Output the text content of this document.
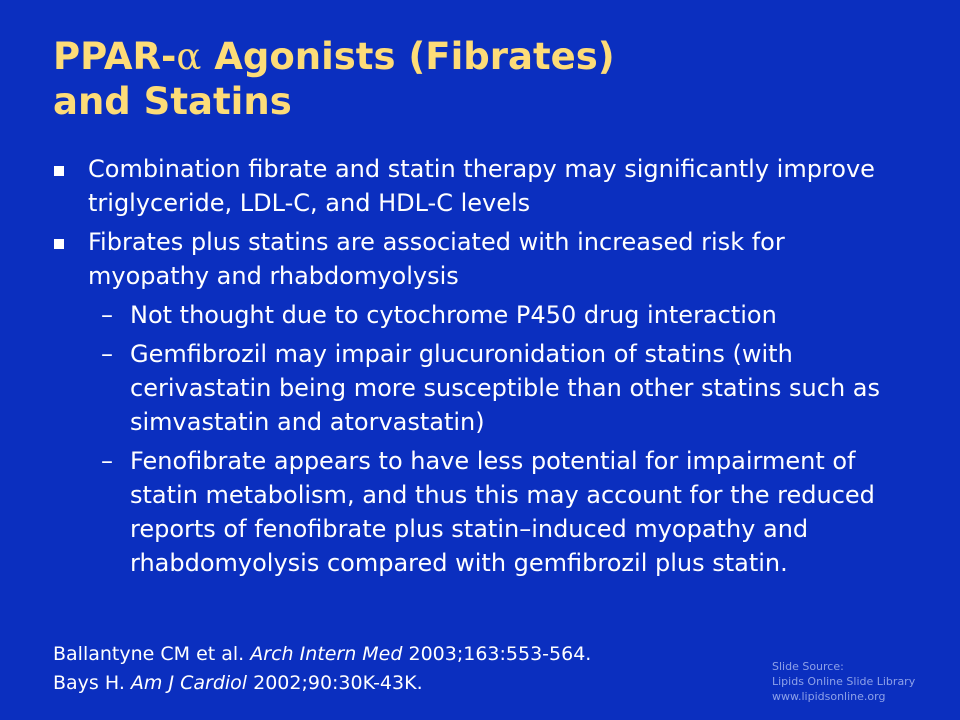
PPAR-α Agonists (Fibrates)
and Statins
Combination fibrate and statin therapy may significantly improve triglyceride, LDL-C, and HDL-C levels
Fibrates plus statins are associated with increased risk for myopathy and rhabdomyolysis
– Not thought due to cytochrome P450 drug interaction
– Gemfibrozil may impair glucuronidation of statins (with cerivastatin being more susceptible than other statins such as simvastatin and atorvastatin)
– Fenofibrate appears to have less potential for impairment of statin metabolism, and thus this may account for the reduced reports of fenofibrate plus statin–induced myopathy and rhabdomyolysis compared with gemfibrozil plus statin.
Ballantyne CM et al. Arch Intern Med 2003;163:553-564.
Bays H. Am J Cardiol 2002;90:30K-43K.
Slide Source:
Lipids Online Slide Library
www.lipidsonline.org
